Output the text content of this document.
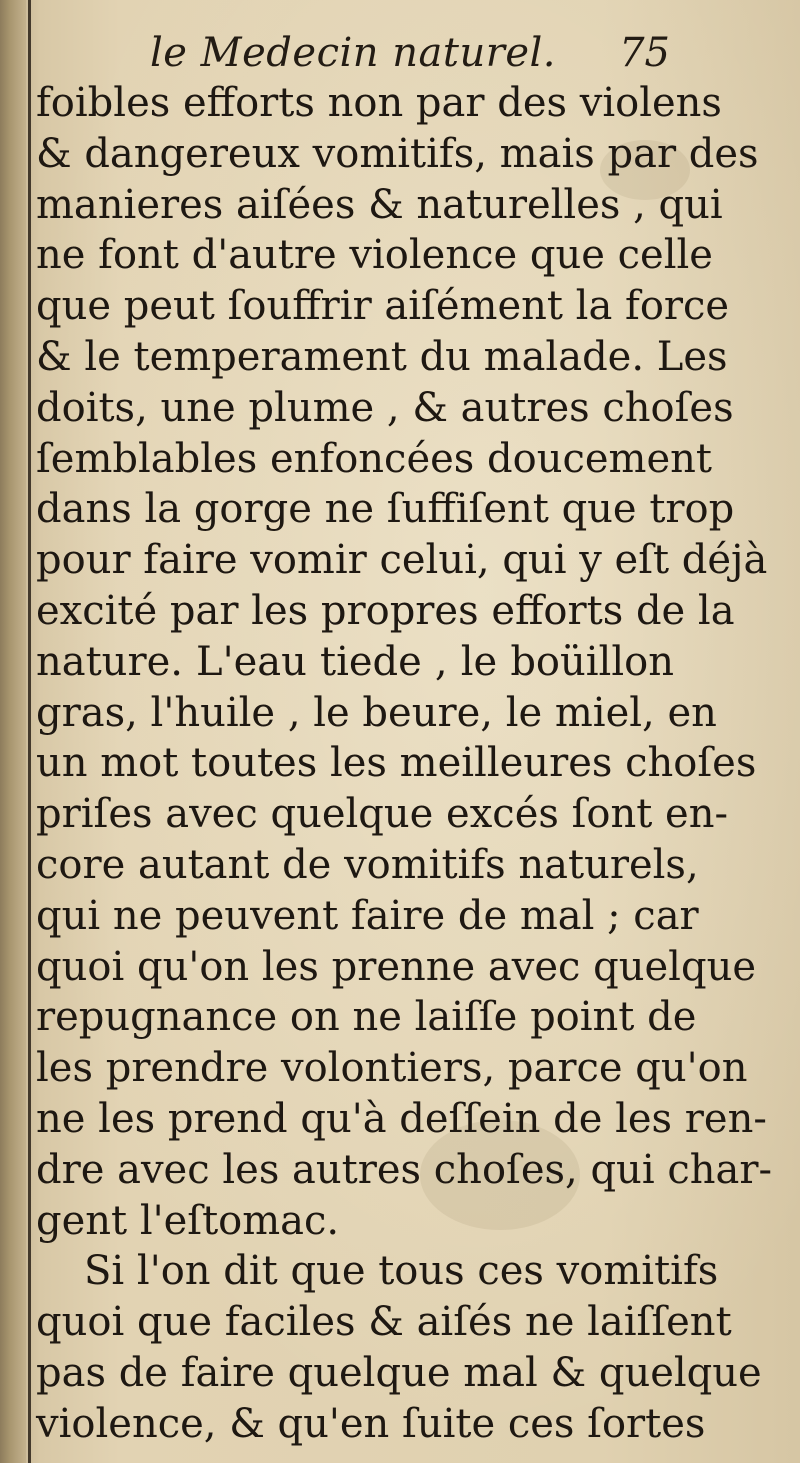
le Medecin naturel. 75
foibles efforts non par des violens
& dangereux vomitifs, mais par des
manieres aiſées & naturelles , qui
ne font d'autre violence que celle
que peut ſouffrir aiſément la force
& le temperament du malade. Les
doits, une plume , & autres choſes
ſemblables enfoncées doucement
dans la gorge ne ſuffiſent que trop
pour faire vomir celui, qui y eſt déjà
excité par les propres efforts de la
nature. L'eau tiede , le boüillon
gras, l'huile , le beure, le miel, en
un mot toutes les meilleures choſes
priſes avec quelque excés ſont en-
core autant de vomitifs naturels,
qui ne peuvent faire de mal ; car
quoi qu'on les prenne avec quelque
repugnance on ne laiſſe point de
les prendre volontiers, parce qu'on
ne les prend qu'à deſſein de les ren-
dre avec les autres choſes, qui char-
gent l'eſtomac.
Si l'on dit que tous ces vomitifs
quoi que faciles & aiſés ne laiſſent
pas de faire quelque mal & quelque
violence, & qu'en ſuite ces ſortes
